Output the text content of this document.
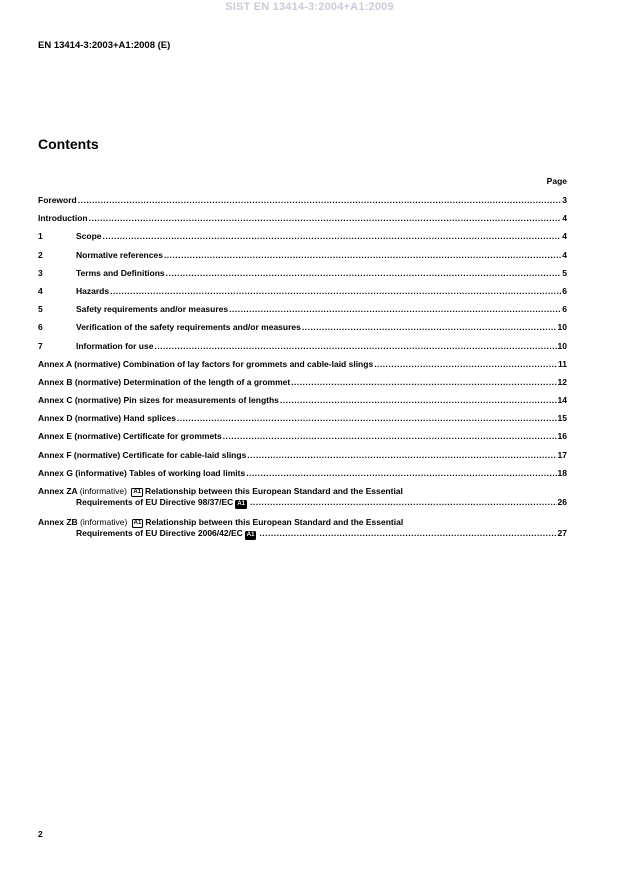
SIST EN 13414-3:2004+A1:2009
EN 13414-3:2003+A1:2008 (E)
Contents
Page
Foreword .....	3
Introduction .....	4
1	Scope .....	4
2	Normative references .....	4
3	Terms and Definitions .....	5
4	Hazards .....	6
5	Safety requirements and/or measures .....	6
6	Verification of the safety requirements and/or measures .....	10
7	Information for use .....	10
Annex A (normative) Combination of lay factors for grommets and cable-laid slings .....	11
Annex B (normative) Determination of the length of a grommet .....	12
Annex C (normative) Pin sizes for measurements of lengths .....	14
Annex D (normative) Hand splices .....	15
Annex E (normative) Certificate for grommets .....	16
Annex F (normative) Certificate for cable-laid slings .....	17
Annex G (informative) Tables of working load limits .....	18
Annex ZA (informative) A1 Relationship between this European Standard and the Essential
Requirements of EU Directive 98/37/EC A1 .....	26
Annex ZB (informative) A1 Relationship between this European Standard and the Essential
Requirements of EU Directive 2006/42/EC A1 .....	27
2
